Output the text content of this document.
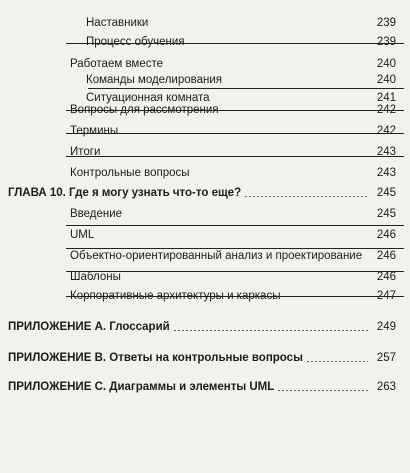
Наставники	239
Процесс обучения	239
Работаем вместе	240
Команды моделирования	240
Ситуационная комната	241
Вопросы для рассмотрения	242
Термины	242
Итоги	243
Контрольные вопросы	243
ГЛАВА 10. Где я могу узнать что-то еще?	245
Введение	245
UML	246
Объектно-ориентированный анализ и проектирование 246
Шаблоны	246
Корпоративные архитектуры и каркасы	247
ПРИЛОЖЕНИЕ А. Глоссарий	249
ПРИЛОЖЕНИЕ В. Ответы на контрольные вопросы	257
ПРИЛОЖЕНИЕ С. Диаграммы и элементы UML	263
